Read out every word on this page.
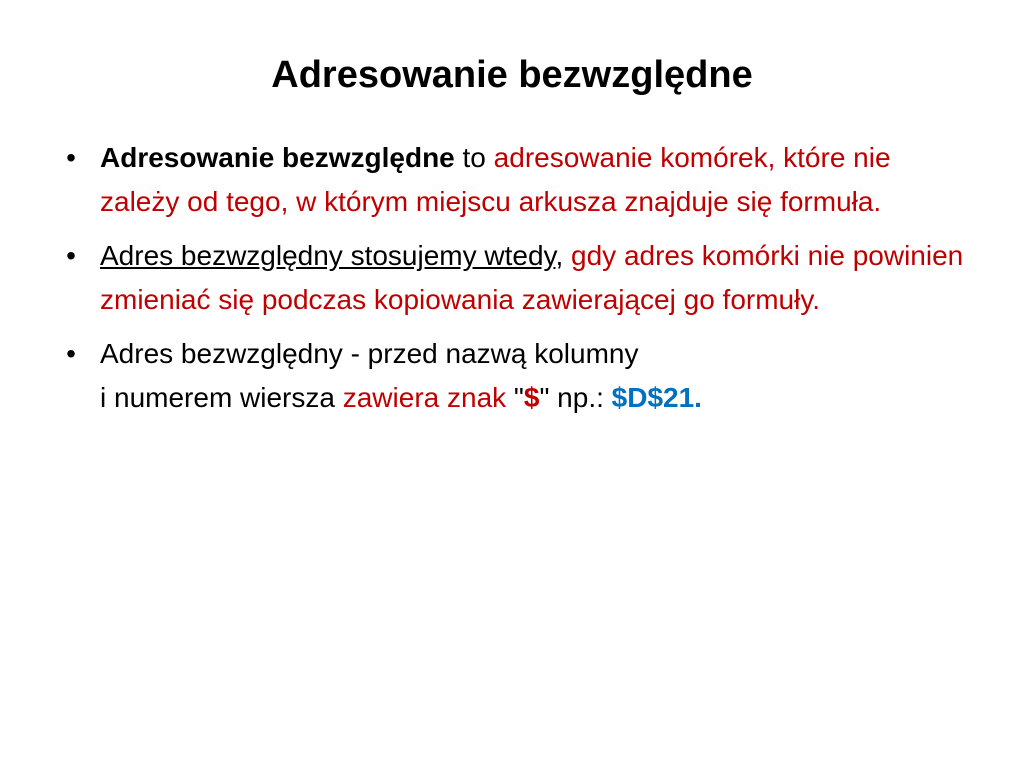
Adresowanie bezwzględne
• Adresowanie bezwzględne to adresowanie komórek, które nie zależy od tego, w którym miejscu arkusza znajduje się formuła.
• Adres bezwzględny stosujemy wtedy, gdy adres komórki nie powinien zmieniać się podczas kopiowania zawierającej go formuły.
• Adres bezwzględny - przed nazwą kolumny
i numerem wiersza zawiera znak "$" np.: $D$21.
